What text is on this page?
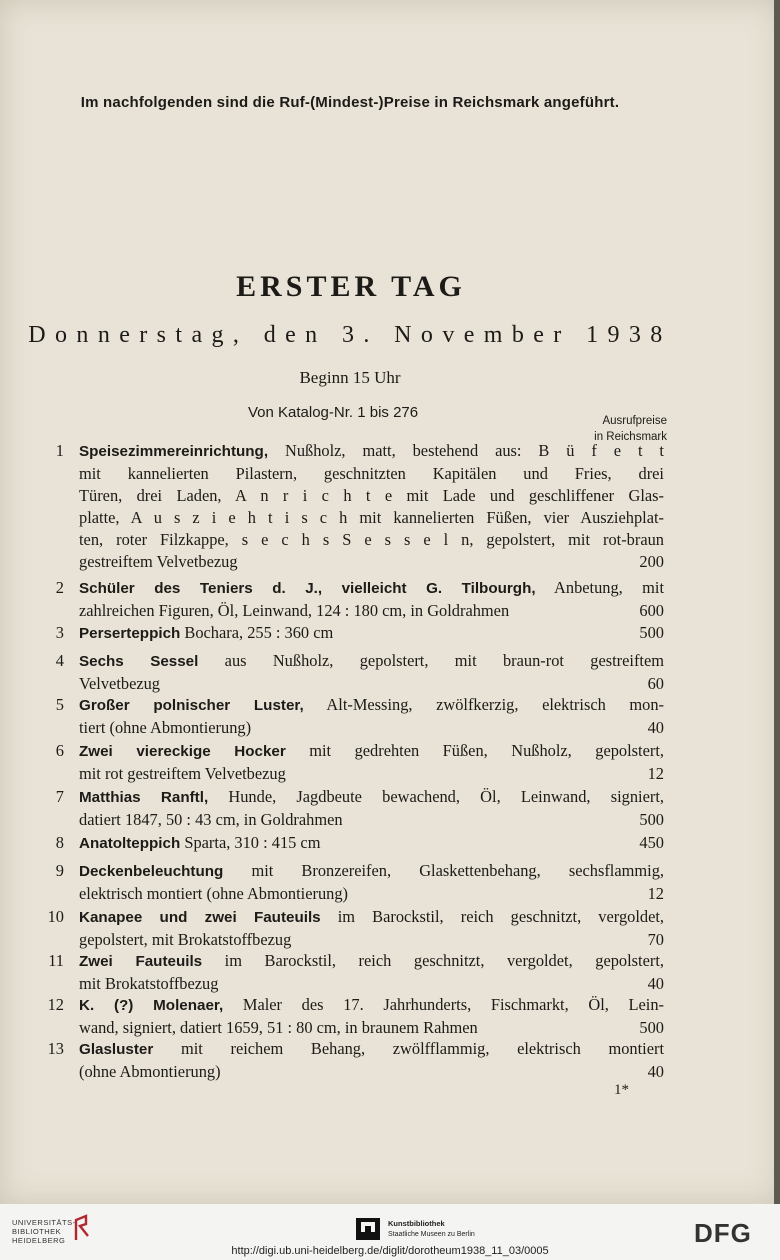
Im nachfolgenden sind die Ruf-(Mindest-)Preise in Reichsmark angeführt.
ERSTER TAG
Donnerstag, den 3. November 1938
Beginn 15 Uhr
Von Katalog-Nr. 1 bis 276	Ausrufpreise
in Reichsmark
1 Speisezimmereinrichtung, Nußholz, matt, bestehend aus: B ü f e t t
mit kannelierten Pilastern, geschnitzten Kapitälen und Fries, drei
Türen, drei Laden, A n r i c h t e mit Lade und geschliffener Glas-
platte, A u s z i e h t i s c h mit kannelierten Füßen, vier Ausziehplat-
ten, roter Filzkappe, s e c h s S e s s e l n, gepolstert, mit rot-braun
gestreiftem Velvetbezug	200
2 Schüler des Teniers d. J., vielleicht G. Tilbourgh, Anbetung, mit
zahlreichen Figuren, Öl, Leinwand, 124 : 180 cm, in Goldrahmen	600
3 Perserteppich Bochara, 255 : 360 cm	500
4 Sechs Sessel aus Nußholz, gepolstert, mit braun-rot gestreiftem
Velvetbezug	60
5 Großer polnischer Luster, Alt-Messing, zwölfkerzig, elektrisch mon-
tiert (ohne Abmontierung)	40
6 Zwei viereckige Hocker mit gedrehten Füßen, Nußholz, gepolstert,
mit rot gestreiftem Velvetbezug	12
7 Matthias Ranftl, Hunde, Jagdbeute bewachend, Öl, Leinwand, signiert,
datiert 1847, 50 : 43 cm, in Goldrahmen	500
8 Anatolteppich Sparta, 310 : 415 cm	450
9 Deckenbeleuchtung mit Bronzereifen, Glaskettenbehang, sechsflammig,
elektrisch montiert (ohne Abmontierung)	12
10 Kanapee und zwei Fauteuils im Barockstil, reich geschnitzt, vergoldet,
gepolstert, mit Brokatstoffbezug	70
11 Zwei Fauteuils im Barockstil, reich geschnitzt, vergoldet, gepolstert,
mit Brokatstoffbezug	40
12 K. (?) Molenaer, Maler des 17. Jahrhunderts, Fischmarkt, Öl, Lein-
wand, signiert, datiert 1659, 51 : 80 cm, in braunem Rahmen	500
13 Glasluster mit reichem Behang, zwölfflammig, elektrisch montiert
(ohne Abmontierung)	40
1*
UNIVERSITÄTS-
BIBLIOTHEK
HEIDELBERG
Kunstbibliothek
Staatliche Museen zu Berlin	DFG
http://digi.ub.uni-heidelberg.de/diglit/dorotheum1938_11_03/0005
